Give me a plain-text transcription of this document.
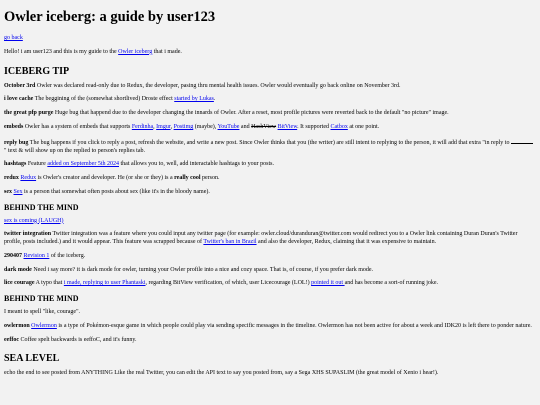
Owler iceberg: a guide by user123

go back

Hello! i am user123 and this is my guide to the Owler iceberg that i made.

ICEBERG TIP

October 3rd Owler was declared read-only due to Redux, the developer, pasing thru mental health issues. Owler would eventually go back online on November 3rd.

i love cache The beggining of the (somewhat shortlived) Droste effect started by Lukas.

the great pfp purge Huge bug that happend due to the developer changing the innards of Owler. After a reset, most profile pictures were reverted back to the default "no picture" image.

embeds Owler has a system of embeds that supports Ferdinha, Imgur, Postimg (maybe), YouTube and HashView BitView. It supported Catbox at one point.

reply bug The bug happens if you click to reply a post, refresh the website, and write a new post. Since Owler thinks that you (the writer) are still intent to replying to the person, it will add that extra "in reply to  " text & will show up on the replied to person's replies tab.

hashtags Feature added on September 5th 2024 that allows you to, well, add interactable hashtags to your posts.

redux Redux is Owler's creator and developer. He (or she or they) is a really cool person.

sex Sex is a person that somewhat often posts about sex (like it's in the bloody name).

BEHIND THE MIND

sex is coming (LAUGH)

twitter integration Twitter integration was a feature where you could input any twitter page (for example: owler.cloud/duranduran@twitter.com would redirect you to a Owler link containing Duran Duran's Twitter profile, posts included.) and it would appear. This feature was scrapped because of Twitter's ban in Brazil and also the developer, Redux, claiming that it was expensive to maintain.

290407 Revision 1 of the iceberg.

dark mode Need i say more? it is dark mode for owler, turning your Owler profile into a nice and cozy space. That is, of course, if you prefer dark mode.

lice courage A typo that i made, replying to user Phantaski, regarding BitView verification, of which, user Licecourage (LOL!) pointed it out and has become a sort-of running joke.

BEHIND THE MIND

I meant to spell "like, courage".

owlermon Owlermon is a type of Pokémon-esque game in which people could play via sending specific messages in the timeline. Owlermon has not been active for about a week and IDK20 is left there to ponder nature.

eeffoc Coffee spelt backwards is eeffoC, and it's funny.

SEA LEVEL

echo the end to see posted from ANYTHING Like the real Twitter, you can edit the API text to say you posted from, say a Sega XHS SUPASLIM (the great model of Xenio i hear!).
